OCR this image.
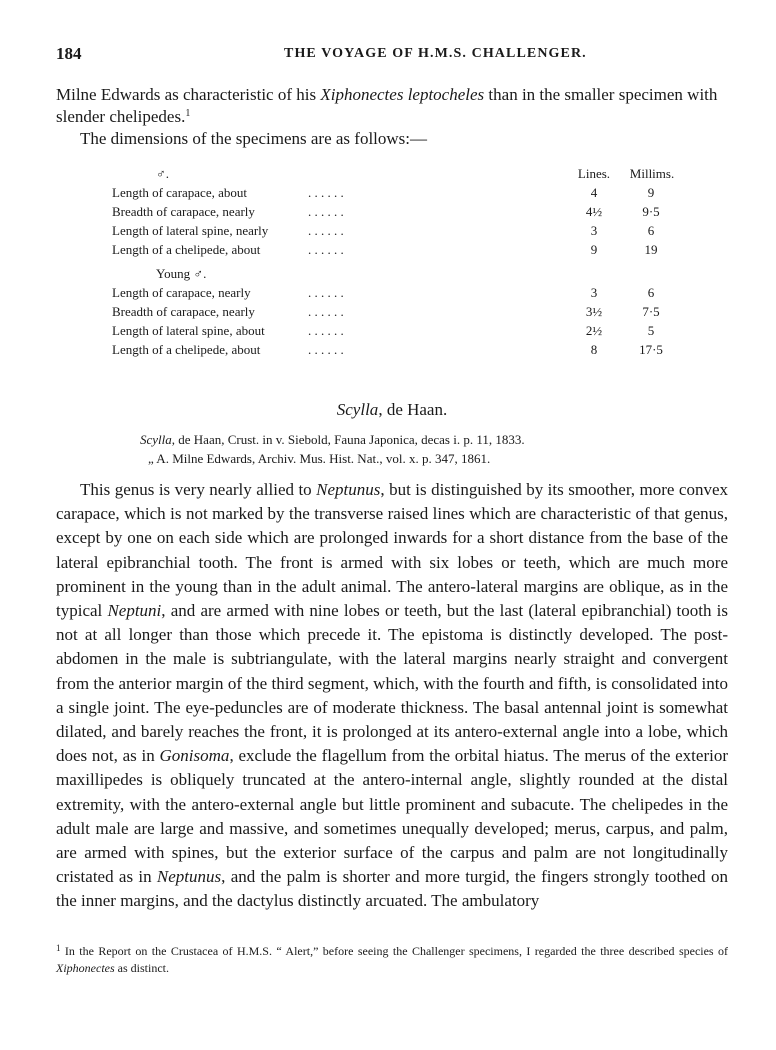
184	THE VOYAGE OF H.M.S. CHALLENGER.

Milne Edwards as characteristic of his Xiphonectes leptocheles than in the smaller specimen with slender chelipedes.$^1$

The dimensions of the specimens are as follows:—

♂.	Lines.	Millims.
Length of carapace, about	. . . . . .	4	9
Breadth of carapace, nearly	. . . . . .	4½	9·5
Length of lateral spine, nearly	. . . . . .	3	6
Length of a chelipede, about	. . . . . .	9	19
Young ♂.
Length of carapace, nearly	. . . . . .	3	6
Breadth of carapace, nearly	. . . . . .	3½	7·5
Length of lateral spine, about	. . . . . .	2½	5
Length of a chelipede, about	. . . . . .	8	17·5
Scylla, de Haan.
Scylla, de Haan, Crust. in v. Siebold, Fauna Japonica, decas i. p. 11, 1833.
„ A. Milne Edwards, Archiv. Mus. Hist. Nat., vol. x. p. 347, 1861.

This genus is very nearly allied to Neptunus, but is distinguished by its smoother, more convex carapace, which is not marked by the transverse raised lines which are characteristic of that genus, except by one on each side which are prolonged inwards for a short distance from the base of the lateral epibranchial tooth. The front is armed with six lobes or teeth, which are much more prominent in the young than in the adult animal. The antero-lateral margins are oblique, as in the typical Neptuni, and are armed with nine lobes or teeth, but the last (lateral epibranchial) tooth is not at all longer than those which precede it. The epistoma is distinctly developed. The post-abdomen in the male is subtriangulate, with the lateral margins nearly straight and convergent from the anterior margin of the third segment, which, with the fourth and fifth, is consolidated into a single joint. The eye-peduncles are of moderate thickness. The basal antennal joint is somewhat dilated, and barely reaches the front, it is prolonged at its antero-external angle into a lobe, which does not, as in Gonisoma, exclude the flagellum from the orbital hiatus. The merus of the exterior maxillipedes is obliquely truncated at the antero-internal angle, slightly rounded at the distal extremity, with the antero-external angle but little prominent and subacute. The chelipedes in the adult male are large and massive, and sometimes unequally developed; merus, carpus, and palm, are armed with spines, but the exterior surface of the carpus and palm are not longitudinally cristated as in Neptunus, and the palm is shorter and more turgid, the fingers strongly toothed on the inner margins, and the dactylus distinctly arcuated. The ambulatory

$^1$ In the Report on the Crustacea of H.M.S. “ Alert,” before seeing the Challenger specimens, I regarded the three described species of Xiphonectes as distinct.
